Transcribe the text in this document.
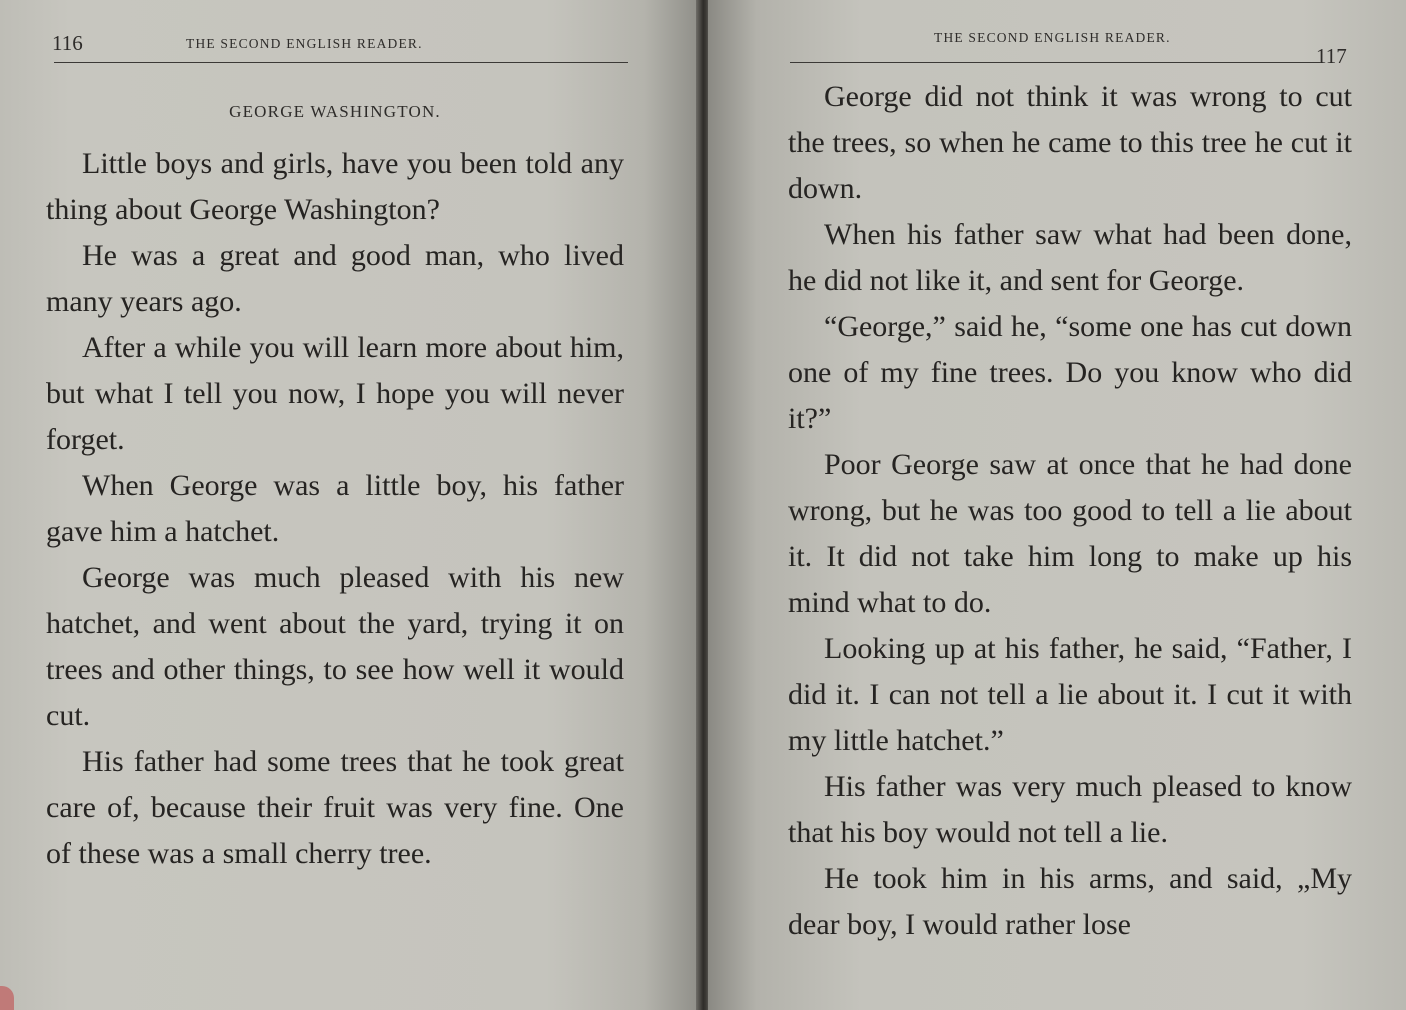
116	THE SECOND ENGLISH READER.
GEORGE WASHINGTON.

Little boys and girls, have you been told any thing about George Washington?

He was a great and good man, who lived many years ago.

After a while you will learn more about him, but what I tell you now, I hope you will never forget.

When George was a little boy, his father gave him a hatchet.

George was much pleased with his new hatchet, and went about the yard, trying it on trees and other things, to see how well it would cut.

His father had some trees that he took great care of, because their fruit was very fine. One of these was a small cherry tree.

THE SECOND ENGLISH READER.
117

George did not think it was wrong to cut the trees, so when he came to this tree he cut it down.

When his father saw what had been done, he did not like it, and sent for George.

“George,” said he, “some one has cut down one of my fine trees. Do you know who did it?”

Poor George saw at once that he had done wrong, but he was too good to tell a lie about it. It did not take him long to make up his mind what to do.

Looking up at his father, he said, “Father, I did it. I can not tell a lie about it. I cut it with my little hatchet.”

His father was very much pleased to know that his boy would not tell a lie.

He took him in his arms, and said, „My dear boy, I would rather lose
